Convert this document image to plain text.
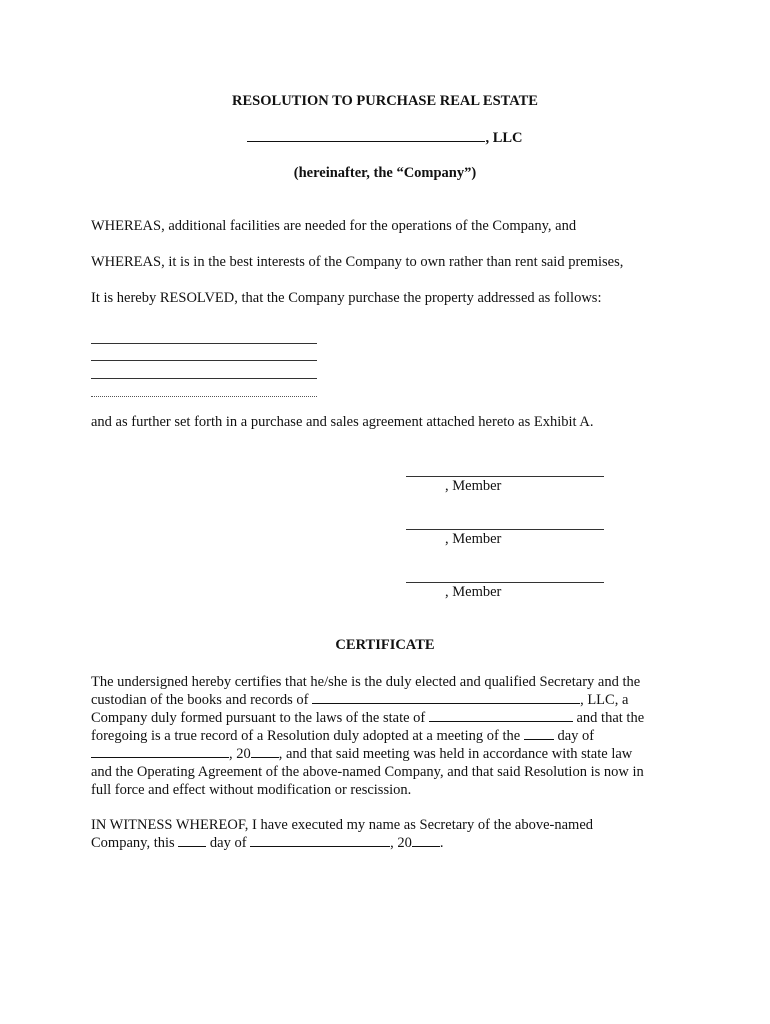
RESOLUTION TO PURCHASE REAL ESTATE
, LLC
(hereinafter, the “Company”)
WHEREAS, additional facilities are needed for the operations of the Company, and
WHEREAS, it is in the best interests of the Company to own rather than rent said premises,
It is hereby RESOLVED, that the Company purchase the property addressed as follows:
and as further set forth in a purchase and sales agreement attached hereto as Exhibit A.
, Member
, Member
, Member
CERTIFICATE
The undersigned hereby certifies that he/she is the duly elected and qualified Secretary and the
custodian of the books and records of	, LLC, a
Company duly formed pursuant to the laws of the state of	and that the
foregoing is a true record of a Resolution duly adopted at a meeting of the  day of
, 20 , and that said meeting was held in accordance with state law
and the Operating Agreement of the above-named Company, and that said Resolution is now in
full force and effect without modification or rescission.
IN WITNESS WHEREOF, I have executed my name as Secretary of the above-named
Company, this  day of	, 20 .
